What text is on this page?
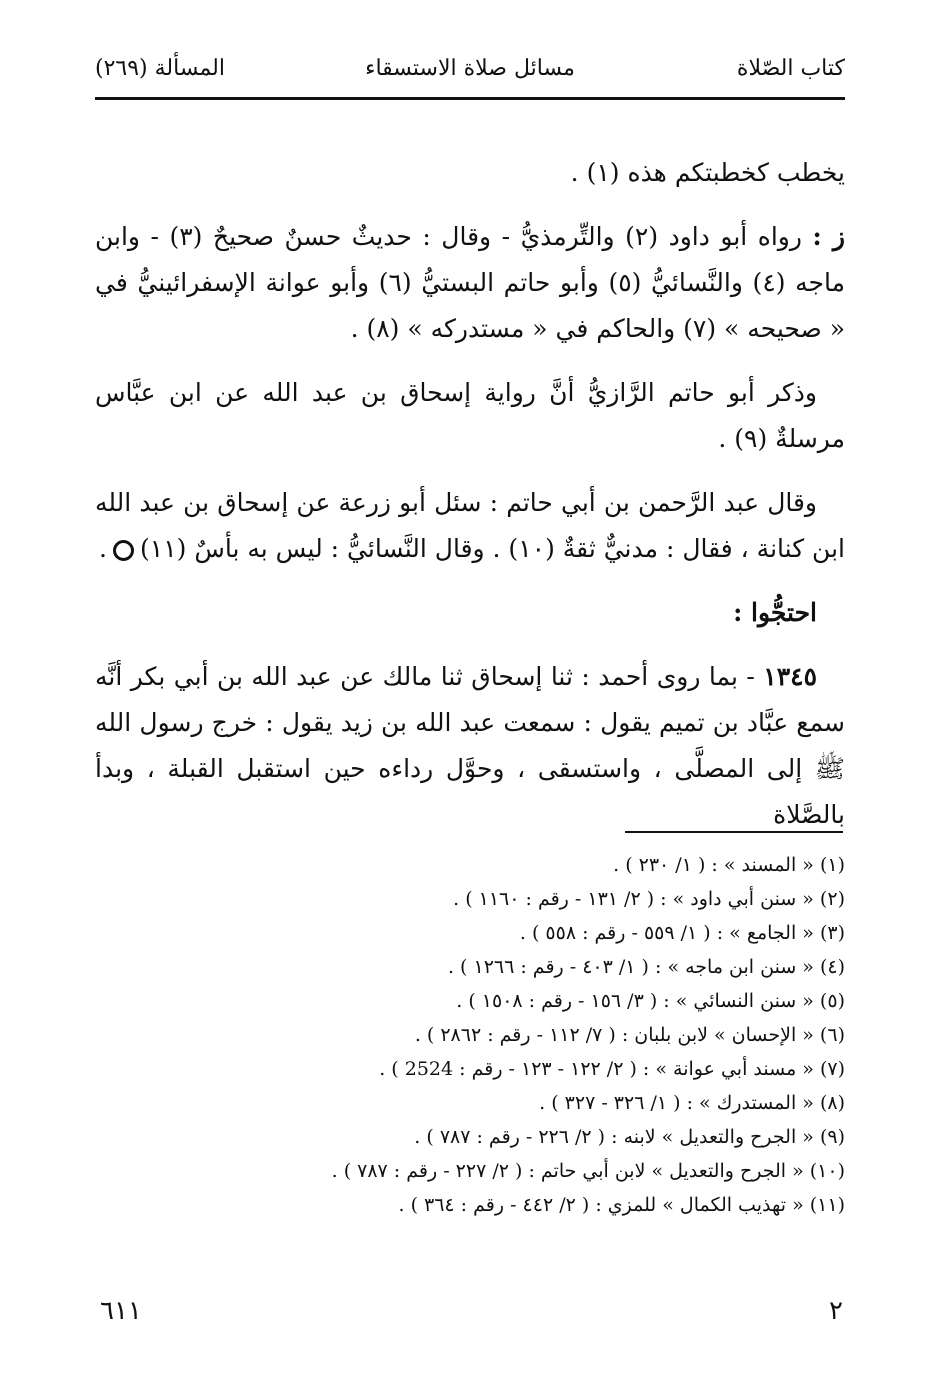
كتاب الصّلاة
مسائل صلاة الاستسقاء
المسألة (٢٦٩)

يخطب كخطبتكم هذه (١) .

ز : رواه أبو داود (٢) والتِّرمذيُّ - وقال : حديثٌ حسنٌ صحيحٌ (٣) - وابن ماجه (٤) والنَّسائيُّ (٥) وأبو حاتم البستيُّ (٦) وأبو عوانة الإسفرائينيُّ في « صحيحه » (٧) والحاكم في « مستدركه » (٨) .

وذكر أبو حاتم الرَّازيُّ أنَّ رواية إسحاق بن عبد الله عن ابن عبَّاس مرسلةٌ (٩) .

وقال عبد الرَّحمن بن أبي حاتم : سئل أبو زرعة عن إسحاق بن عبد الله ابن كنانة ، فقال : مدنيٌّ ثقةٌ (١٠) . وقال النَّسائيُّ : ليس به بأسٌ (١١).

احتجُّوا :

١٣٤٥ - بما روى أحمد : ثنا إسحاق ثنا مالك عن عبد الله بن أبي بكر أنَّه سمع عبَّاد بن تميم يقول : سمعت عبد الله بن زيد يقول : خرج رسول الله ﷺ إلى المصلَّى ، واستسقى ، وحوَّل رداءه حين استقبل القبلة ، وبدأ بالصَّلاة

(١) « المسند » : ( ١/ ٢٣٠ ) .
(٢) « سنن أبي داود » : ( ٢/ ١٣١ - رقم : ١١٦٠ ) .
(٣) « الجامع » : ( ١/ ٥٥٩ - رقم : ٥٥٨ ) .
(٤) « سنن ابن ماجه » : ( ١/ ٤٠٣ - رقم : ١٢٦٦ ) .
(٥) « سنن النسائي » : ( ٣/ ١٥٦ - رقم : ١٥٠٨ ) .
(٦) « الإحسان » لابن بلبان : ( ٧/ ١١٢ - رقم : ٢٨٦٢ ) .
(٧) « مسند أبي عوانة » : ( ٢/ ١٢٢ - ١٢٣ - رقم : 2524 ) .
(٨) « المستدرك » : ( ١/ ٣٢٦ - ٣٢٧ ) .
(٩) « الجرح والتعديل » لابنه : ( ٢/ ٢٢٦ - رقم : ٧٨٧ ) .
(١٠) « الجرح والتعديل » لابن أبي حاتم : ( ٢/ ٢٢٧ - رقم : ٧٨٧ ) .
(١١) « تهذيب الكمال » للمزي : ( ٢/ ٤٤٢ - رقم : ٣٦٤ ) .
٢
٦١١
